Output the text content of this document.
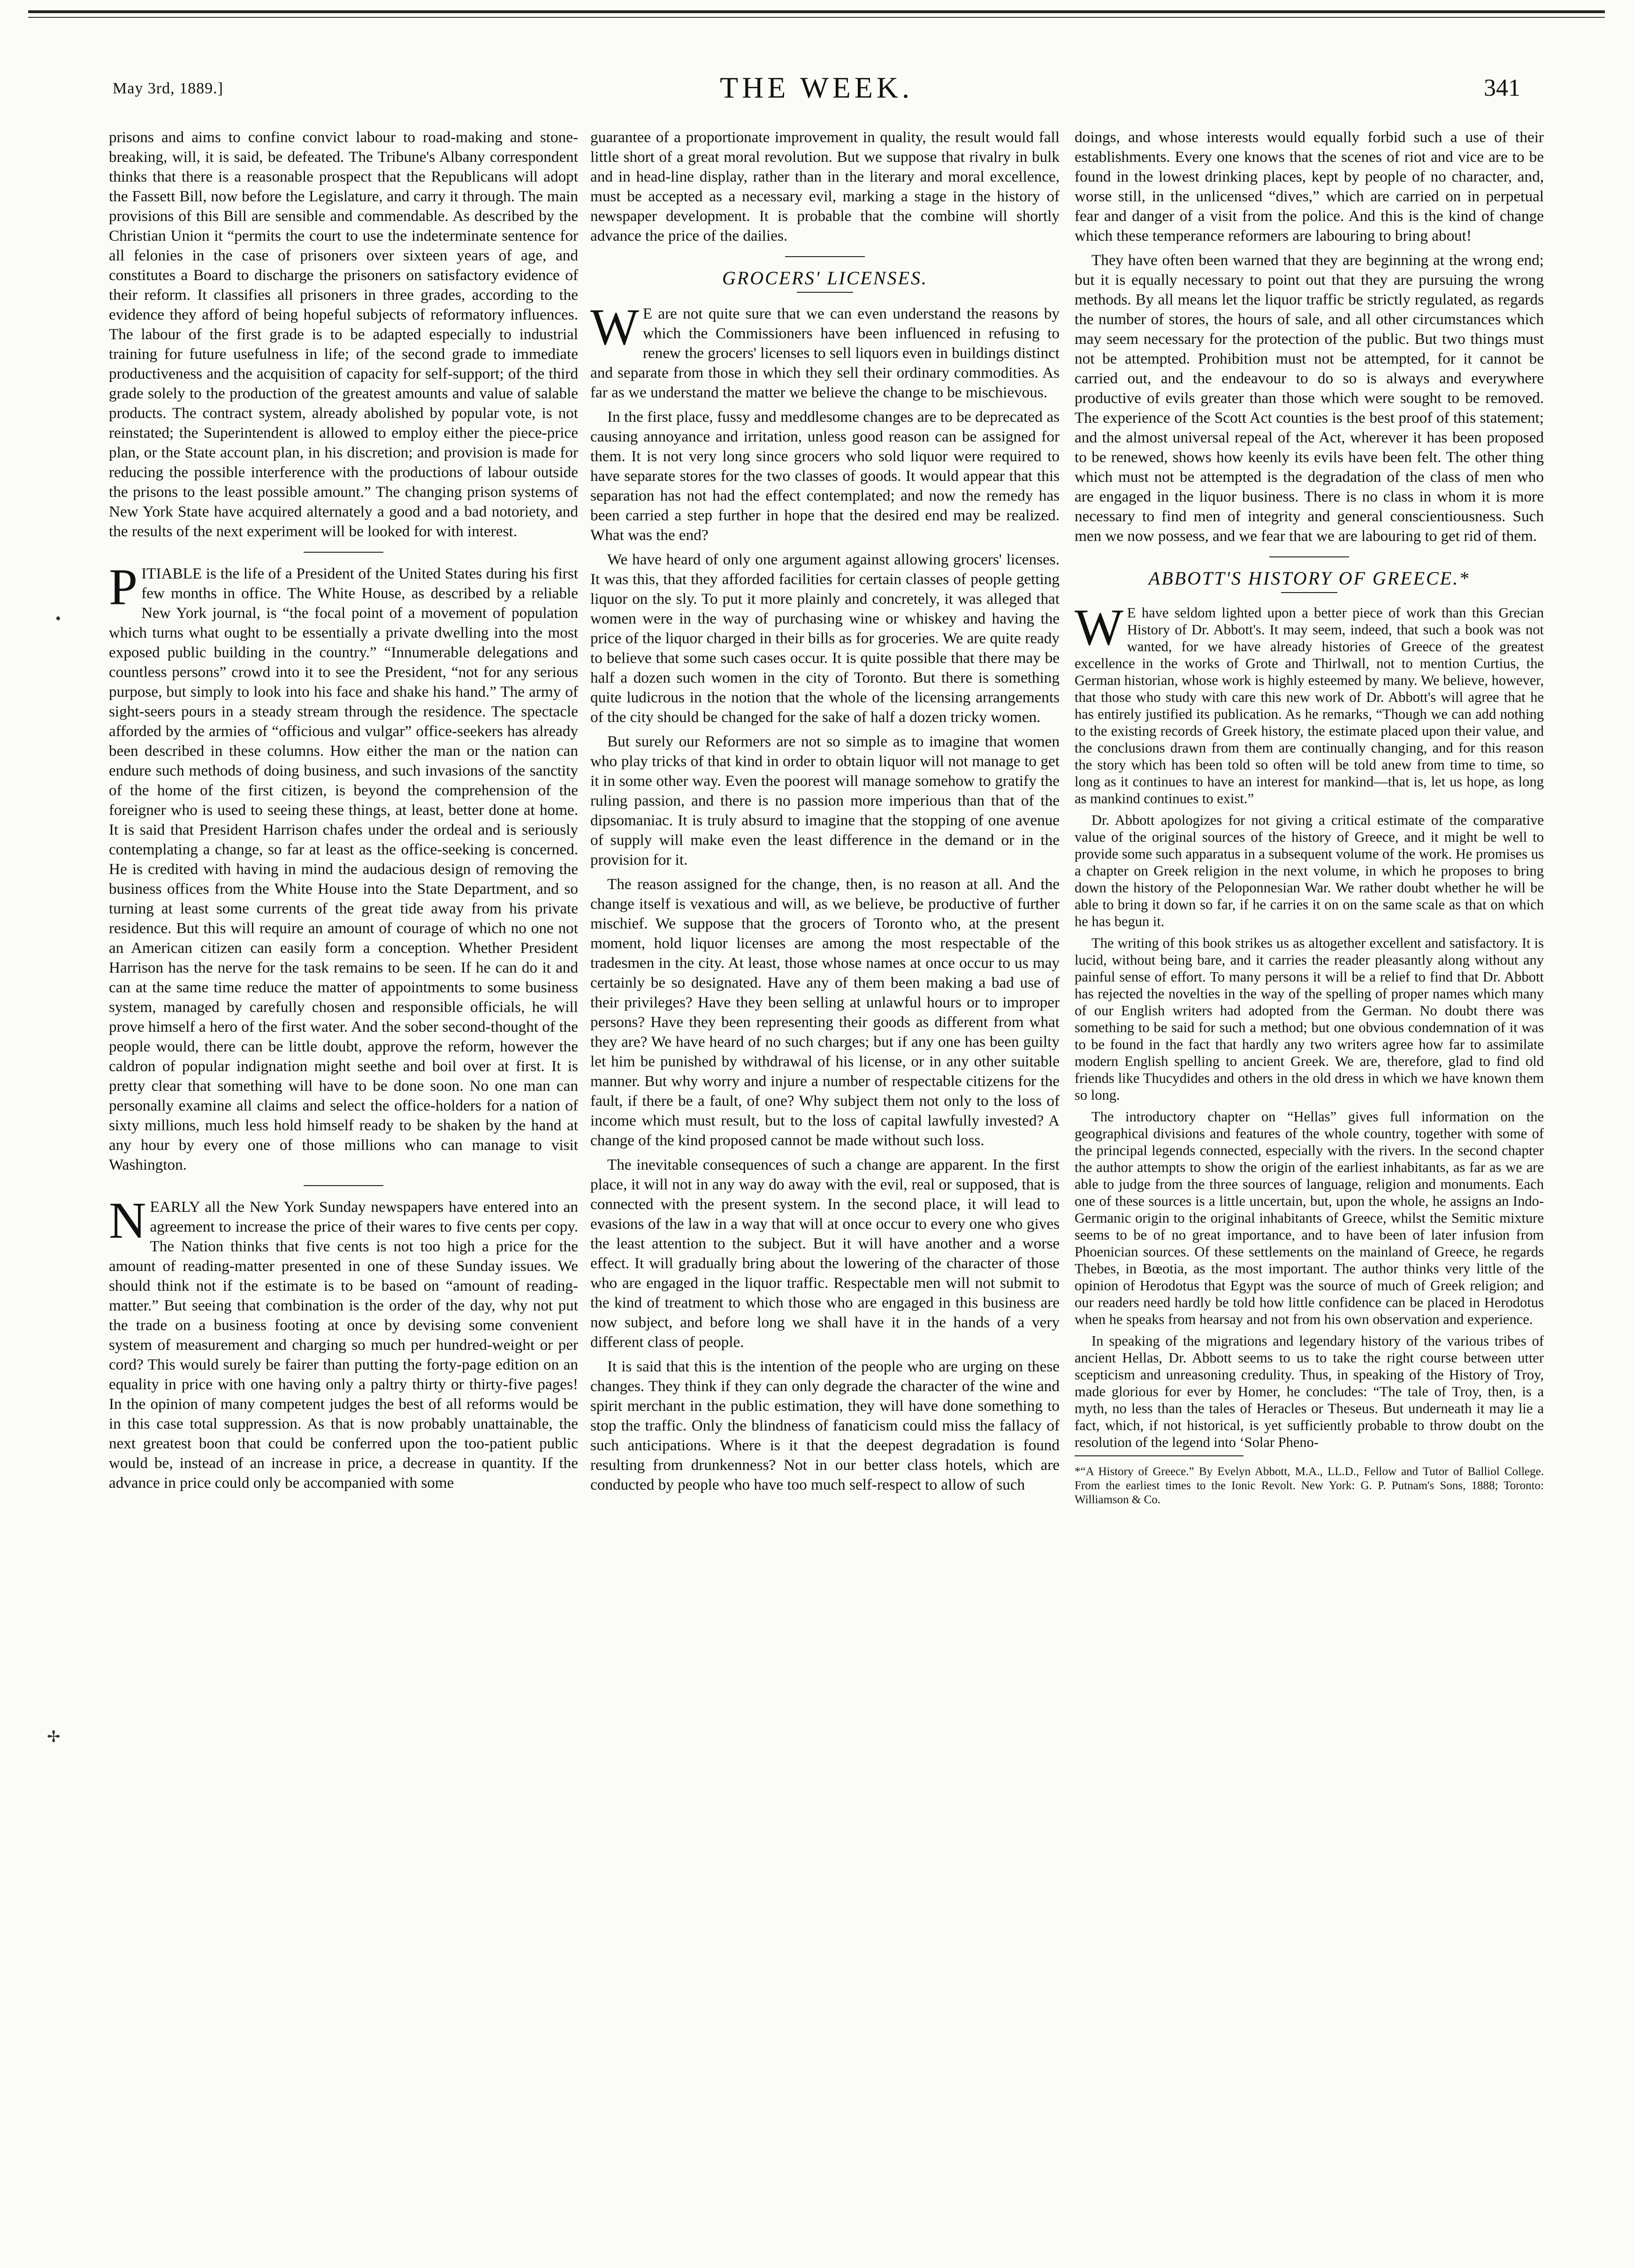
May 3rd, 1889.]	THE WEEK.	341
•
✢

prisons and aims to confine convict labour to road-making and stone-breaking, will, it is said, be defeated. The Tribune's Albany correspondent thinks that there is a reasonable prospect that the Republicans will adopt the Fassett Bill, now before the Legislature, and carry it through. The main provisions of this Bill are sensible and commendable. As described by the Christian Union it “permits the court to use the indeterminate sentence for all felonies in the case of prisoners over sixteen years of age, and constitutes a Board to discharge the prisoners on satisfactory evidence of their reform. It classifies all prisoners in three grades, according to the evidence they afford of being hopeful subjects of reformatory influences. The labour of the first grade is to be adapted especially to industrial training for future usefulness in life; of the second grade to immediate productiveness and the acquisition of capacity for self-support; of the third grade solely to the production of the greatest amounts and value of salable products. The contract system, already abolished by popular vote, is not reinstated; the Superintendent is allowed to employ either the piece-price plan, or the State account plan, in his discretion; and provision is made for reducing the possible interference with the productions of labour outside the prisons to the least possible amount.” The changing prison systems of New York State have acquired alternately a good and a bad notoriety, and the results of the next experiment will be looked for with interest.

PITIABLE is the life of a President of the United States during his first few months in office. The White House, as described by a reliable New York journal, is “the focal point of a movement of population which turns what ought to be essentially a private dwelling into the most exposed public building in the country.” “Innumerable delegations and countless persons” crowd into it to see the President, “not for any serious purpose, but simply to look into his face and shake his hand.” The army of sight-seers pours in a steady stream through the residence. The spectacle afforded by the armies of “officious and vulgar” office-seekers has already been described in these columns. How either the man or the nation can endure such methods of doing business, and such invasions of the sanctity of the home of the first citizen, is beyond the comprehension of the foreigner who is used to seeing these things, at least, better done at home. It is said that President Harrison chafes under the ordeal and is seriously contemplating a change, so far at least as the office-seeking is concerned. He is credited with having in mind the audacious design of removing the business offices from the White House into the State Department, and so turning at least some currents of the great tide away from his private residence. But this will require an amount of courage of which no one not an American citizen can easily form a conception. Whether President Harrison has the nerve for the task remains to be seen. If he can do it and can at the same time reduce the matter of appointments to some business system, managed by carefully chosen and responsible officials, he will prove himself a hero of the first water. And the sober second-thought of the people would, there can be little doubt, approve the reform, however the caldron of popular indignation might seethe and boil over at first. It is pretty clear that something will have to be done soon. No one man can personally examine all claims and select the office-holders for a nation of sixty millions, much less hold himself ready to be shaken by the hand at any hour by every one of those millions who can manage to visit Washington.

NEARLY all the New York Sunday newspapers have entered into an agreement to increase the price of their wares to five cents per copy. The Nation thinks that five cents is not too high a price for the amount of reading-matter presented in one of these Sunday issues. We should think not if the estimate is to be based on “amount of reading-matter.” But seeing that combination is the order of the day, why not put the trade on a business footing at once by devising some convenient system of measurement and charging so much per hundred-weight or per cord? This would surely be fairer than putting the forty-page edition on an equality in price with one having only a paltry thirty or thirty-five pages! In the opinion of many competent judges the best of all reforms would be in this case total suppression. As that is now probably unattainable, the next greatest boon that could be conferred upon the too-patient public would be, instead of an increase in price, a decrease in quantity. If the advance in price could only be accompanied with some

guarantee of a proportionate improvement in quality, the result would fall little short of a great moral revolution. But we suppose that rivalry in bulk and in head-line display, rather than in the literary and moral excellence, must be accepted as a necessary evil, marking a stage in the history of newspaper development. It is probable that the combine will shortly advance the price of the dailies.

GROCERS' LICENSES.

W E are not quite sure that we can even understand the reasons by which the Commissioners have been influenced in refusing to renew the grocers' licenses to sell liquors even in buildings distinct and separate from those in which they sell their ordinary commodities. As far as we understand the matter we believe the change to be mischievous.

In the first place, fussy and meddlesome changes are to be deprecated as causing annoyance and irritation, unless good reason can be assigned for them. It is not very long since grocers who sold liquor were required to have separate stores for the two classes of goods. It would appear that this separation has not had the effect contemplated; and now the remedy has been carried a step further in hope that the desired end may be realized. What was the end?

We have heard of only one argument against allowing grocers' licenses. It was this, that they afforded facilities for certain classes of people getting liquor on the sly. To put it more plainly and concretely, it was alleged that women were in the way of purchasing wine or whiskey and having the price of the liquor charged in their bills as for groceries. We are quite ready to believe that some such cases occur. It is quite possible that there may be half a dozen such women in the city of Toronto. But there is something quite ludicrous in the notion that the whole of the licensing arrangements of the city should be changed for the sake of half a dozen tricky women.

But surely our Reformers are not so simple as to imagine that women who play tricks of that kind in order to obtain liquor will not manage to get it in some other way. Even the poorest will manage somehow to gratify the ruling passion, and there is no passion more imperious than that of the dipsomaniac. It is truly absurd to imagine that the stopping of one avenue of supply will make even the least difference in the demand or in the provision for it.

The reason assigned for the change, then, is no reason at all. And the change itself is vexatious and will, as we believe, be productive of further mischief. We suppose that the grocers of Toronto who, at the present moment, hold liquor licenses are among the most respectable of the tradesmen in the city. At least, those whose names at once occur to us may certainly be so designated. Have any of them been making a bad use of their privileges? Have they been selling at unlawful hours or to improper persons? Have they been representing their goods as different from what they are? We have heard of no such charges; but if any one has been guilty let him be punished by withdrawal of his license, or in any other suitable manner. But why worry and injure a number of respectable citizens for the fault, if there be a fault, of one? Why subject them not only to the loss of income which must result, but to the loss of capital lawfully invested? A change of the kind proposed cannot be made without such loss.

The inevitable consequences of such a change are apparent. In the first place, it will not in any way do away with the evil, real or supposed, that is connected with the present system. In the second place, it will lead to evasions of the law in a way that will at once occur to every one who gives the least attention to the subject. But it will have another and a worse effect. It will gradually bring about the lowering of the character of those who are engaged in the liquor traffic. Respectable men will not submit to the kind of treatment to which those who are engaged in this business are now subject, and before long we shall have it in the hands of a very different class of people.

It is said that this is the intention of the people who are urging on these changes. They think if they can only degrade the character of the wine and spirit merchant in the public estimation, they will have done something to stop the traffic. Only the blindness of fanaticism could miss the fallacy of such anticipations. Where is it that the deepest degradation is found resulting from drunkenness? Not in our better class hotels, which are conducted by people who have too much self-respect to allow of such

doings, and whose interests would equally forbid such a use of their establishments. Every one knows that the scenes of riot and vice are to be found in the lowest drinking places, kept by people of no character, and, worse still, in the unlicensed “dives,” which are carried on in perpetual fear and danger of a visit from the police. And this is the kind of change which these temperance reformers are labouring to bring about!

They have often been warned that they are beginning at the wrong end; but it is equally necessary to point out that they are pursuing the wrong methods. By all means let the liquor traffic be strictly regulated, as regards the number of stores, the hours of sale, and all other circumstances which may seem necessary for the protection of the public. But two things must not be attempted. Prohibition must not be attempted, for it cannot be carried out, and the endeavour to do so is always and everywhere productive of evils greater than those which were sought to be removed. The experience of the Scott Act counties is the best proof of this statement; and the almost universal repeal of the Act, wherever it has been proposed to be renewed, shows how keenly its evils have been felt. The other thing which must not be attempted is the degradation of the class of men who are engaged in the liquor business. There is no class in whom it is more necessary to find men of integrity and general conscientiousness. Such men we now possess, and we fear that we are labouring to get rid of them.

ABBOTT'S HISTORY OF GREECE.*

W E have seldom lighted upon a better piece of work than this Grecian History of Dr. Abbott's. It may seem, indeed, that such a book was not wanted, for we have already histories of Greece of the greatest excellence in the works of Grote and Thirlwall, not to mention Curtius, the German historian, whose work is highly esteemed by many. We believe, however, that those who study with care this new work of Dr. Abbott's will agree that he has entirely justified its publication. As he remarks, “Though we can add nothing to the existing records of Greek history, the estimate placed upon their value, and the conclusions drawn from them are continually changing, and for this reason the story which has been told so often will be told anew from time to time, so long as it continues to have an interest for mankind—that is, let us hope, as long as mankind continues to exist.”

Dr. Abbott apologizes for not giving a critical estimate of the comparative value of the original sources of the history of Greece, and it might be well to provide some such apparatus in a subsequent volume of the work. He promises us a chapter on Greek religion in the next volume, in which he proposes to bring down the history of the Peloponnesian War. We rather doubt whether he will be able to bring it down so far, if he carries it on on the same scale as that on which he has begun it.

The writing of this book strikes us as altogether excellent and satisfactory. It is lucid, without being bare, and it carries the reader pleasantly along without any painful sense of effort. To many persons it will be a relief to find that Dr. Abbott has rejected the novelties in the way of the spelling of proper names which many of our English writers had adopted from the German. No doubt there was something to be said for such a method; but one obvious condemnation of it was to be found in the fact that hardly any two writers agree how far to assimilate modern English spelling to ancient Greek. We are, therefore, glad to find old friends like Thucydides and others in the old dress in which we have known them so long.

The introductory chapter on “Hellas” gives full information on the geographical divisions and features of the whole country, together with some of the principal legends connected, especially with the rivers. In the second chapter the author attempts to show the origin of the earliest inhabitants, as far as we are able to judge from the three sources of language, religion and monuments. Each one of these sources is a little uncertain, but, upon the whole, he assigns an Indo-Germanic origin to the original inhabitants of Greece, whilst the Semitic mixture seems to be of no great importance, and to have been of later infusion from Phoenician sources. Of these settlements on the mainland of Greece, he regards Thebes, in Bœotia, as the most important. The author thinks very little of the opinion of Herodotus that Egypt was the source of much of Greek religion; and our readers need hardly be told how little confidence can be placed in Herodotus when he speaks from hearsay and not from his own observation and experience.

In speaking of the migrations and legendary history of the various tribes of ancient Hellas, Dr. Abbott seems to us to take the right course between utter scepticism and unreasoning credulity. Thus, in speaking of the History of Troy, made glorious for ever by Homer, he concludes: “The tale of Troy, then, is a myth, no less than the tales of Heracles or Theseus. But underneath it may lie a fact, which, if not historical, is yet sufficiently probable to throw doubt on the resolution of the legend into ‘Solar Pheno-

*“A History of Greece.” By Evelyn Abbott, M.A., LL.D., Fellow and Tutor of Balliol College. From the earliest times to the Ionic Revolt. New York: G. P. Putnam's Sons, 1888; Toronto: Williamson & Co.
